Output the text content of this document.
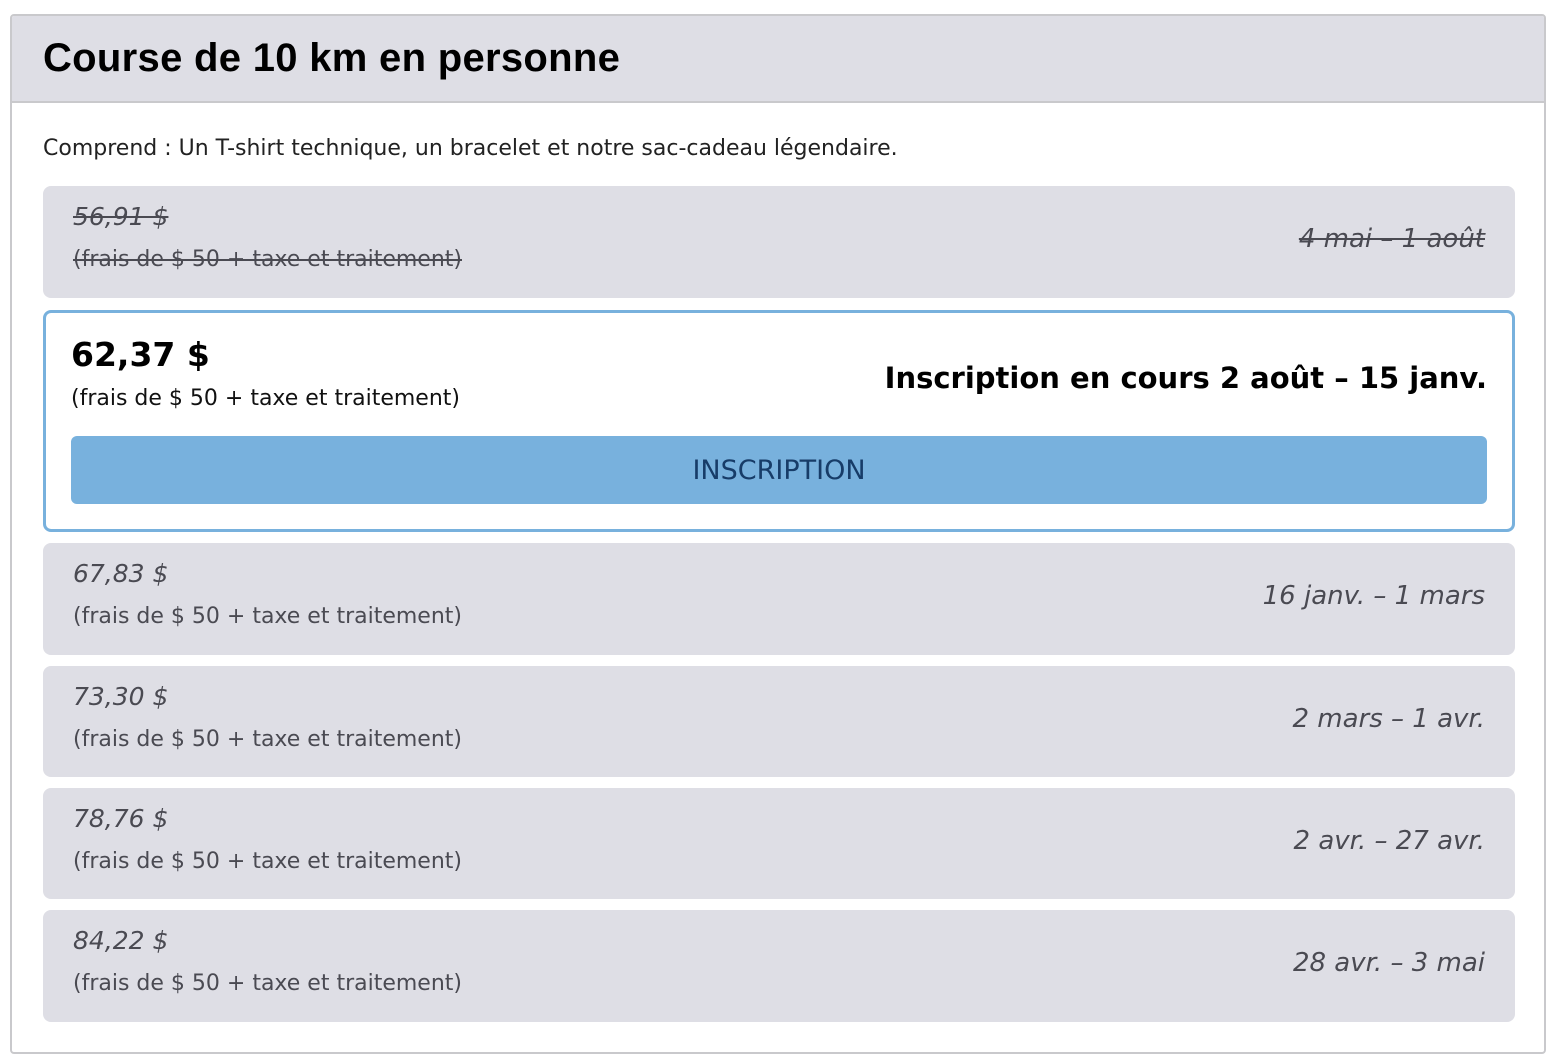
Course de 10 km en personne

Comprend : Un T-shirt technique, un bracelet et notre sac-cadeau légendaire.

56,91 $
(frais de $ 50 + taxe et traitement)
4 mai – 1 août
62,37 $
(frais de $ 50 + taxe et traitement)
Inscription en cours 2 août – 15 janv.
INSCRIPTION
67,83 $
(frais de $ 50 + taxe et traitement)
16 janv. – 1 mars
73,30 $
(frais de $ 50 + taxe et traitement)
2 mars – 1 avr.
78,76 $
(frais de $ 50 + taxe et traitement)
2 avr. – 27 avr.
84,22 $
(frais de $ 50 + taxe et traitement)
28 avr. – 3 mai
